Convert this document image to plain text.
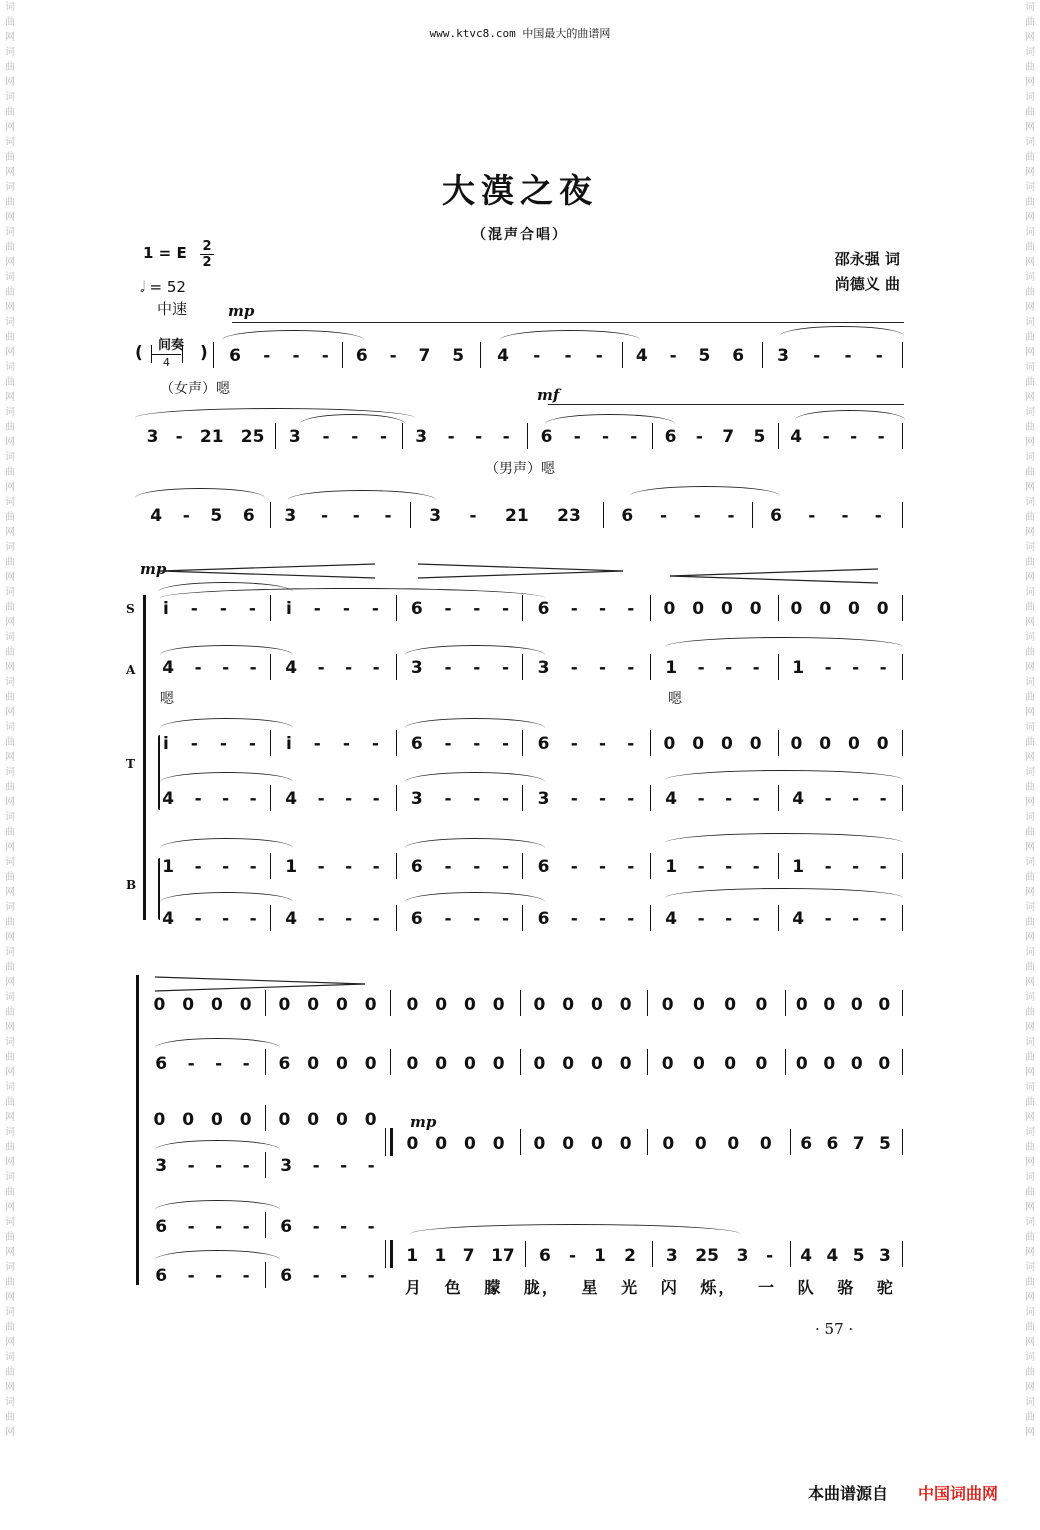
词曲网词曲网词曲网词曲网词曲网词曲网词曲网词曲网词曲网词曲网词曲网词曲网词曲网词曲网词曲网词曲网词曲网词曲网词曲网词曲网词曲网词曲网词曲网词曲网词曲网词曲网词曲网词曲网词曲网词曲网词曲网词曲网
词曲网词曲网词曲网词曲网词曲网词曲网词曲网词曲网词曲网词曲网词曲网词曲网词曲网词曲网词曲网词曲网词曲网词曲网词曲网词曲网词曲网词曲网词曲网词曲网词曲网词曲网词曲网词曲网词曲网词曲网词曲网词曲网
www.ktvc8.com 中国最大的曲谱网
大漠之夜
（混声合唱）
1 = E 2
2
𝅗𝅥 = 52
中速
邵永强 词
尚德义 曲
mp
( 间奏
4 ) 6 - - - 6 - 7 5 4 - - - 4 - 5 6 3 - - -
（女声）嗯	mf
3 - 21 25 3 - - - 3 - - - 6 - - - 6 - 7 5 4 - - -
（男声）嗯
4 - 5 6 3 - - - 3 - 21 23 6 - - - 6 - - -
mp
S
A
T
B
i - - - i - - - 6 - - - 6 - - - 0 0 0 0 0 0 0 0
4 - - - 4 - - - 3 - - - 3 - - - 1 - - - 1 - - -
嗯	嗯
i - - - i - - - 6 - - - 6 - - - 0 0 0 0 0 0 0 0
4 - - - 4 - - - 3 - - - 3 - - - 4 - - - 4 - - -
1 - - - 1 - - - 6 - - - 6 - - - 1 - - - 1 - - -
4 - - - 4 - - - 6 - - - 6 - - - 4 - - - 4 - - -
0 0 0 0 0 0 0 0 0 0 0 0 0 0 0 0 0 0 0 0 0 0 0 0
6 - - - 6 0 0 0 0 0 0 0 0 0 0 0 0 0 0 0 0 0 0 0
0 0 0 0 0 0 0 0
3 - - - 3 - - -
mp
0 0 0 0 0 0 0 0 0 0 0 0 6 6 7 5
6 - - - 6 - - -
6 - - - 6 - - -
1 1 7 17 6 - 1 2 3 25 3 - 4 4 5 3
月 色 朦 胧， 星 光 闪 烁， 一 队 骆 驼
· 57 ·
本曲谱源自 中国词曲网
